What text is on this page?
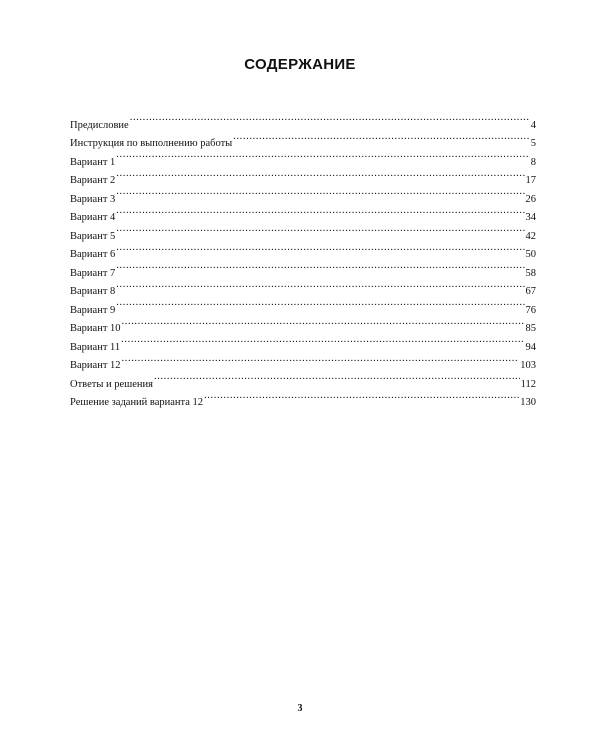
СОДЕРЖАНИЕ
Предисловие .....	4
Инструкция по выполнению работы .....	5
Вариант 1 .....	8
Вариант 2 .....	17
Вариант 3 .....	26
Вариант 4 .....	34
Вариант 5 .....	42
Вариант 6 .....	50
Вариант 7 .....	58
Вариант 8 .....	67
Вариант 9 .....	76
Вариант 10 .....	85
Вариант 11 .....	94
Вариант 12 .....	103
Ответы и решения .....	112
Решение заданий варианта 12 .....	130
3
